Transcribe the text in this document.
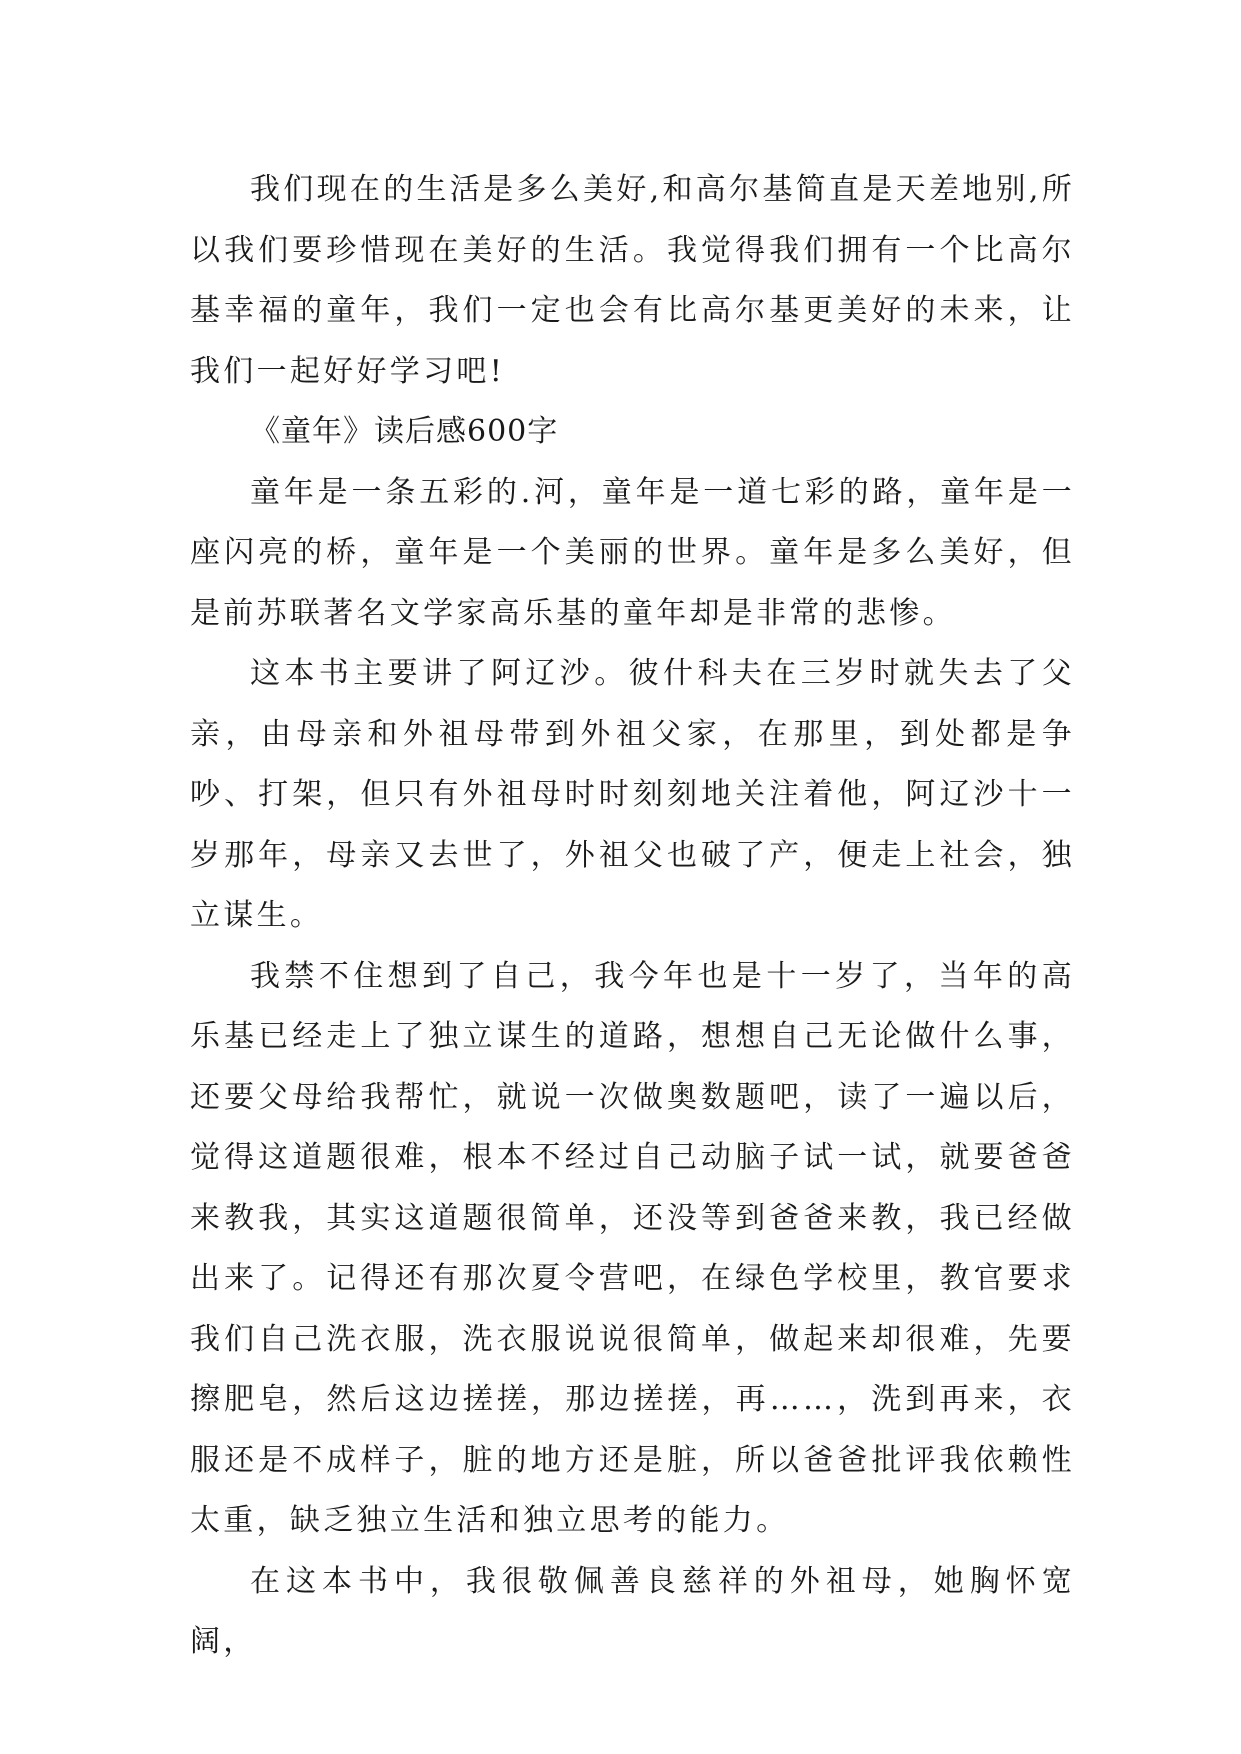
我们现在的生活是多么美好,和高尔基简直是天差地别,所以我们要珍惜现在美好的生活。我觉得我们拥有一个比高尔基幸福的童年，我们一定也会有比高尔基更美好的未来，让我们一起好好学习吧!

《童年》读后感600字

童年是一条五彩的.河，童年是一道七彩的路，童年是一座闪亮的桥，童年是一个美丽的世界。童年是多么美好，但是前苏联著名文学家高乐基的童年却是非常的悲惨。

这本书主要讲了阿辽沙。彼什科夫在三岁时就失去了父亲，由母亲和外祖母带到外祖父家，在那里，到处都是争吵、打架，但只有外祖母时时刻刻地关注着他，阿辽沙十一岁那年，母亲又去世了，外祖父也破了产，便走上社会，独立谋生。

我禁不住想到了自己，我今年也是十一岁了，当年的高乐基已经走上了独立谋生的道路，想想自己无论做什么事，还要父母给我帮忙，就说一次做奥数题吧，读了一遍以后，觉得这道题很难，根本不经过自己动脑子试一试，就要爸爸来教我，其实这道题很简单，还没等到爸爸来教，我已经做出来了。记得还有那次夏令营吧，在绿色学校里，教官要求我们自己洗衣服，洗衣服说说很简单，做起来却很难，先要擦肥皂，然后这边搓搓，那边搓搓，再……，洗到再来，衣服还是不成样子，脏的地方还是脏，所以爸爸批评我依赖性太重，缺乏独立生活和独立思考的能力。

在这本书中，我很敬佩善良慈祥的外祖母，她胸怀宽阔，
